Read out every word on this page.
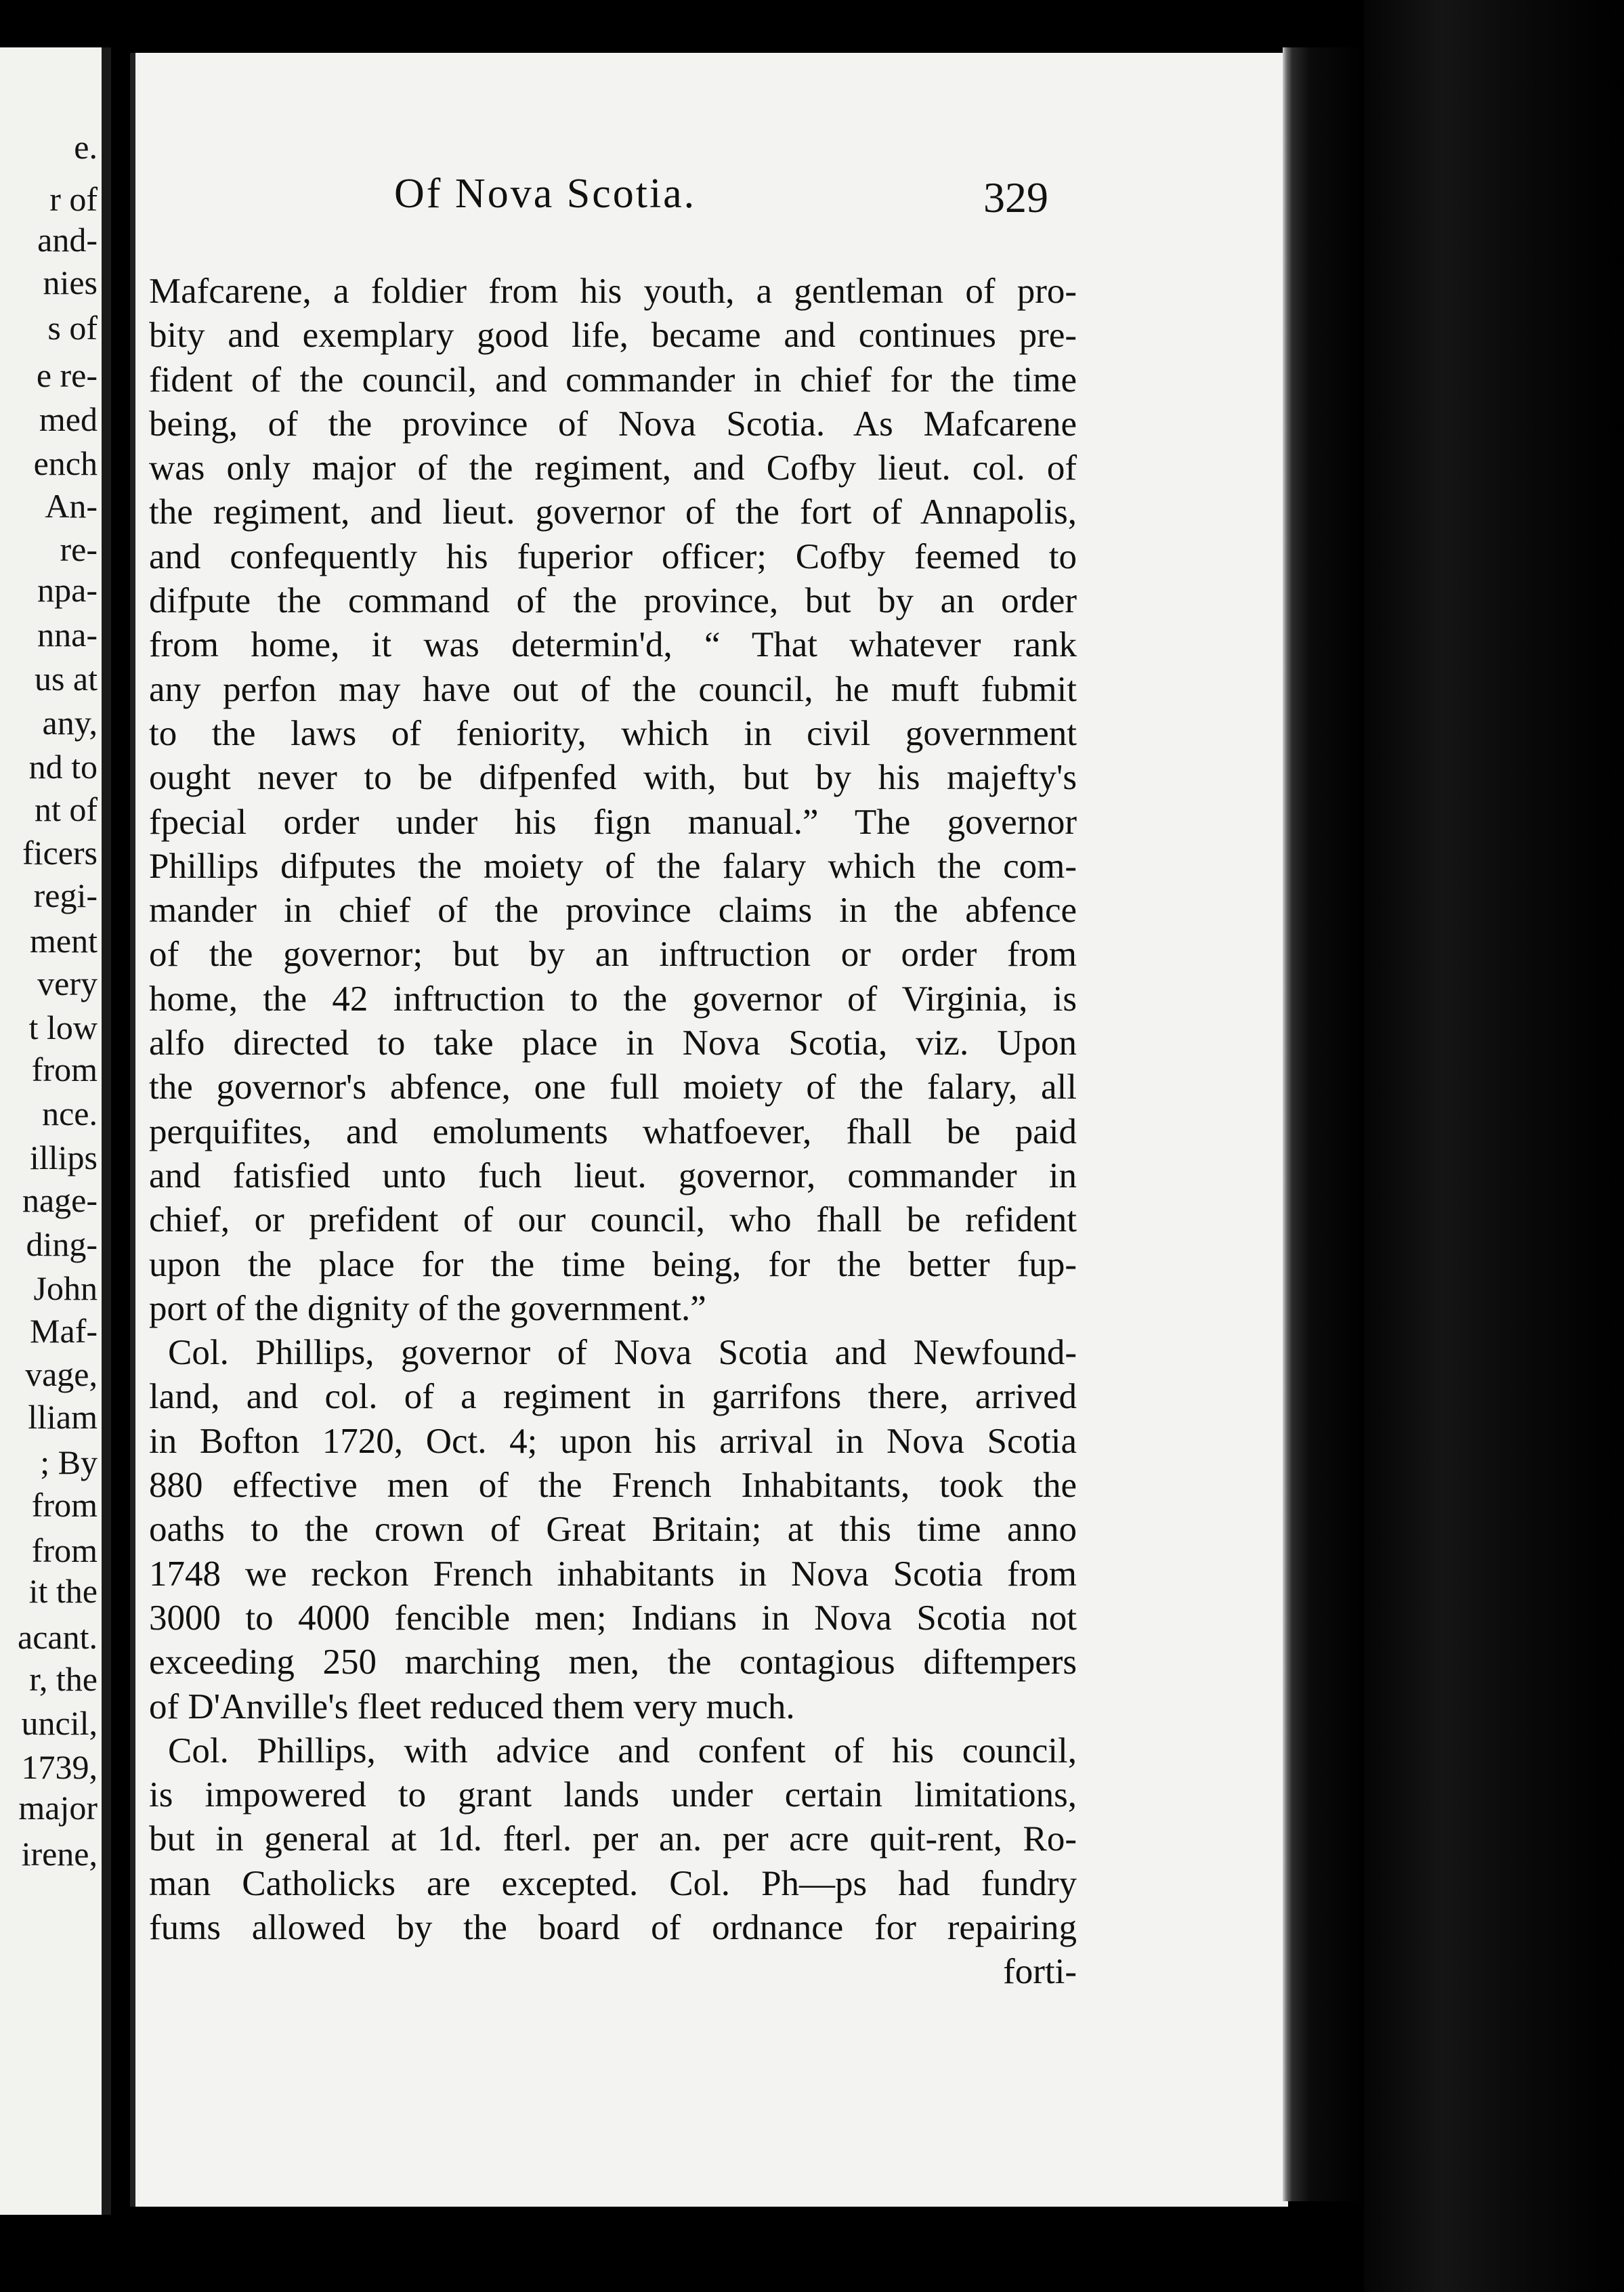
e.
r of
and-
nies
s of
e re-
med
ench
An-
re-
npa-
nna-
us at
any,
nd to
nt of
ficers
regi-
ment
very
t low
from
nce.
illips
nage-
ding-
John
Maf-
vage,
lliam
; By
from
from
it the
acant.
r, the
uncil,
1739,
major
irene,
Of Nova Scotia.	329
Mafcarene, a foldier from his youth, a gentleman of pro-
bity and exemplary good life, became and continues pre-
fident of the council, and commander in chief for the time
being, of the province of Nova Scotia. As Mafcarene
was only major of the regiment, and Cofby lieut. col. of
the regiment, and lieut. governor of the fort of Annapolis,
and confequently his fuperior officer; Cofby feemed to
difpute the command of the province, but by an order
from home, it was determin'd, “ That whatever rank
any perfon may have out of the council, he muft fubmit
to the laws of feniority, which in civil government
ought never to be difpenfed with, but by his majefty's
fpecial order under his fign manual.” The governor
Phillips difputes the moiety of the falary which the com-
mander in chief of the province claims in the abfence
of the governor; but by an inftruction or order from
home, the 42 inftruction to the governor of Virginia, is
alfo directed to take place in Nova Scotia, viz. Upon
the governor's abfence, one full moiety of the falary, all
perquifites, and emoluments whatfoever, fhall be paid
and fatisfied unto fuch lieut. governor, commander in
chief, or prefident of our council, who fhall be refident
upon the place for the time being, for the better fup-
port of the dignity of the government.”
Col. Phillips, governor of Nova Scotia and Newfound-
land, and col. of a regiment in garrifons there, arrived
in Bofton 1720, Oct. 4; upon his arrival in Nova Scotia
880 effective men of the French Inhabitants, took the
oaths to the crown of Great Britain; at this time anno
1748 we reckon French inhabitants in Nova Scotia from
3000 to 4000 fencible men; Indians in Nova Scotia not
exceeding 250 marching men, the contagious diftempers
of D'Anville's fleet reduced them very much.
Col. Phillips, with advice and confent of his council,
is impowered to grant lands under certain limitations,
but in general at 1d. fterl. per an. per acre quit-rent, Ro-
man Catholicks are excepted. Col. Ph—ps had fundry
fums allowed by the board of ordnance for repairing
forti-
